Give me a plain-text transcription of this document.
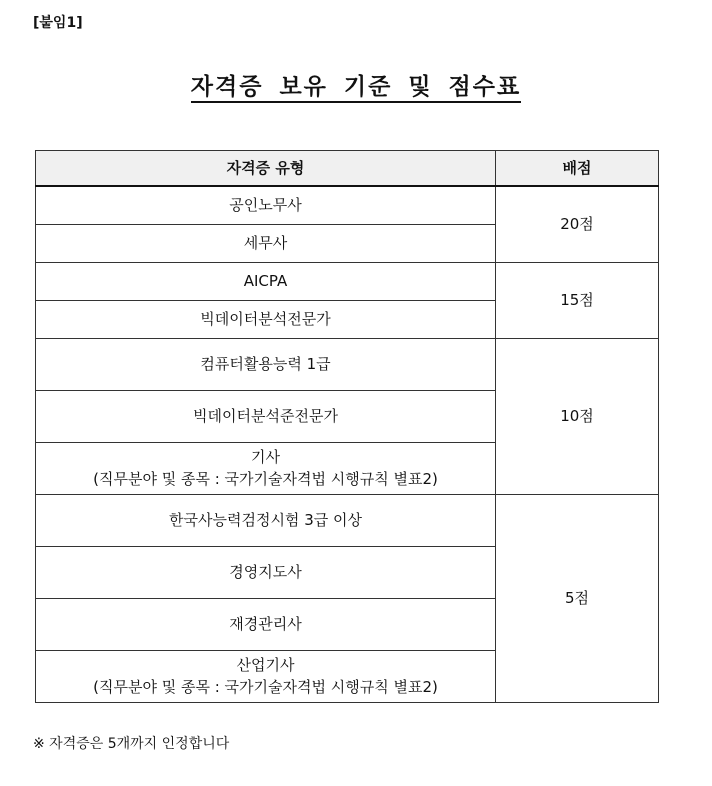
[붙임1]
자격증 보유 기준 및 점수표
자격증 유형	배점
공인노무사	20점
세무사	
AICPA	15점
빅데이터분석전문가	
컴퓨터활용능력 1급	10점
빅데이터분석준전문가	

기사
(직무분야 및 종목 : 국가기술자격법 시행규칙 별표2)	

한국사능력검정시험 3급 이상	5점
경영지도사	
재경관리사	

산업기사
(직무분야 및 종목 : 국가기술자격법 시행규칙 별표2)	
※ 자격증은 5개까지 인정합니다
